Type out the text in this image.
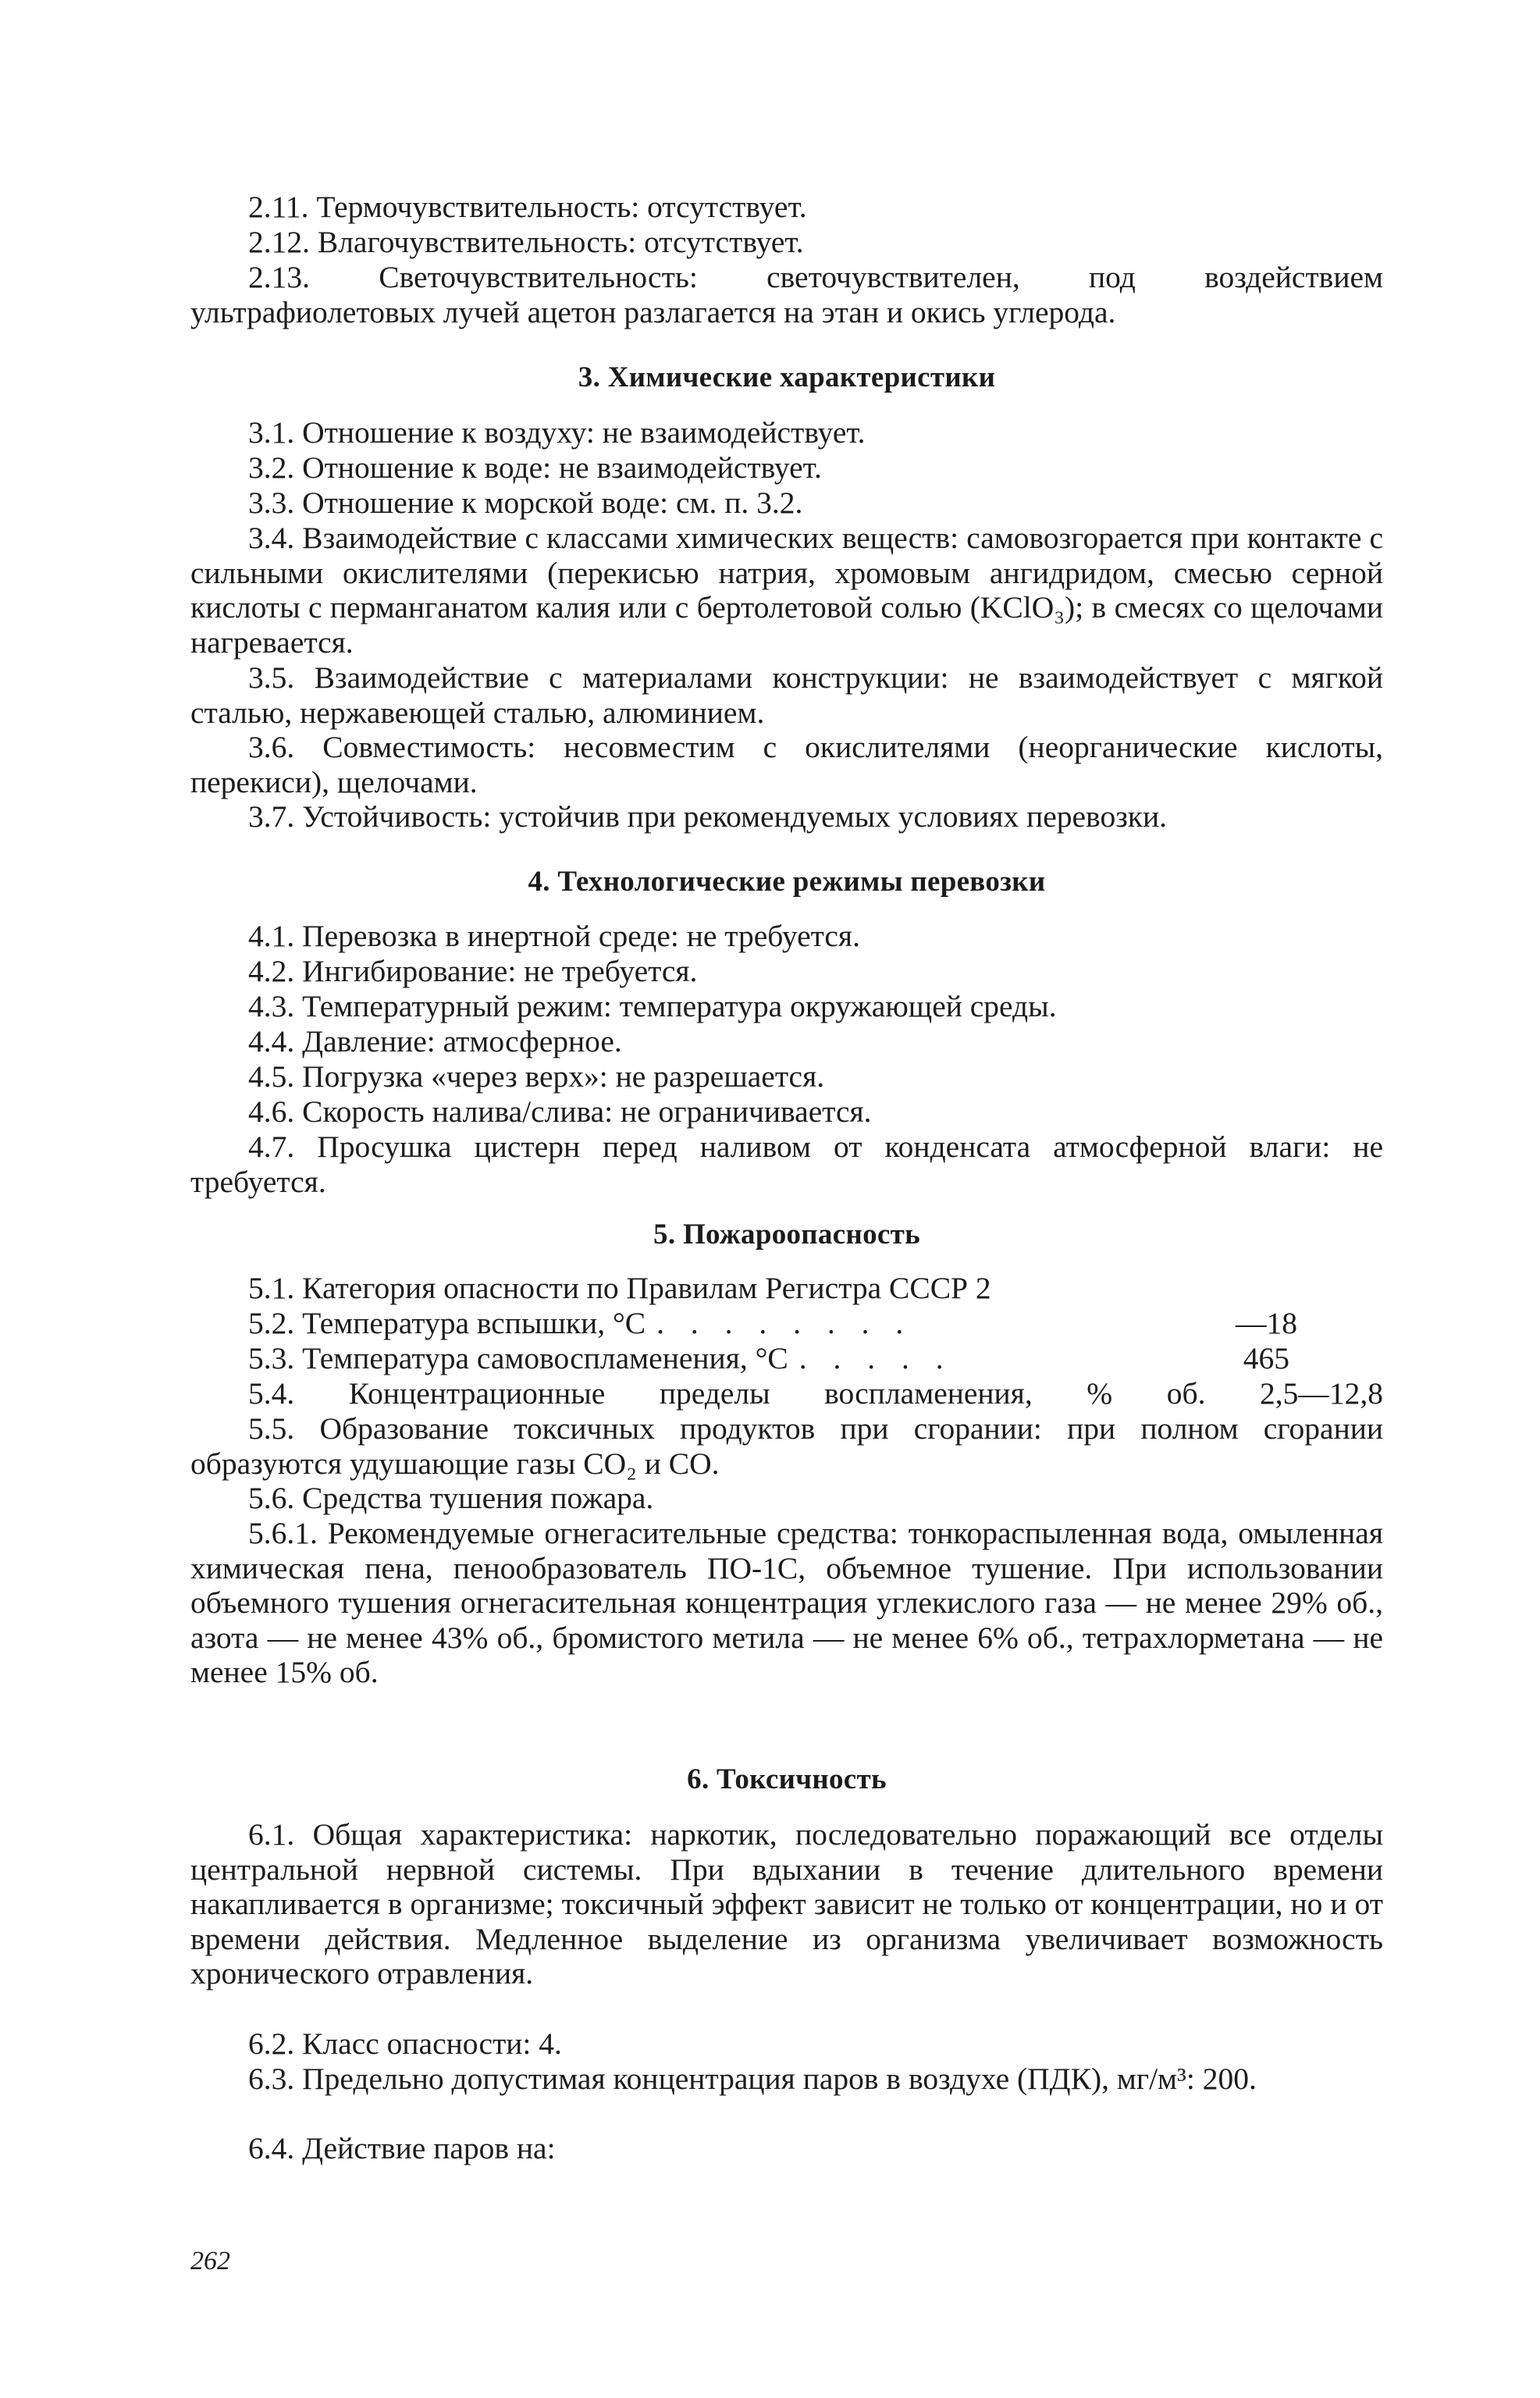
2.11. Термочувствительность: отсутствует.

2.12. Влагочувствительность: отсутствует.

2.13. Светочувствительность: светочувствителен, под воздействием ультрафиолетовых лучей ацетон разлагается на этан и окись углерода.

3. Химические характеристики

3.1. Отношение к воздуху: не взаимодействует.

3.2. Отношение к воде: не взаимодействует.

3.3. Отношение к морской воде: см. п. 3.2.

3.4. Взаимодействие с классами химических веществ: самовозгорается при контакте с сильными окислителями (перекисью натрия, хромовым ангидридом, смесью серной кислоты с перманганатом калия или с бертолетовой солью (KClO₃); в смесях со щелочами нагревается.

3.5. Взаимодействие с материалами конструкции: не взаимодействует с мягкой сталью, нержавеющей сталью, алюминием.

3.6. Совместимость: несовместим с окислителями (неорганические кислоты, перекиси), щелочами.

3.7. Устойчивость: устойчив при рекомендуемых условиях перевозки.

4. Технологические режимы перевозки

4.1. Перевозка в инертной среде: не требуется.

4.2. Ингибирование: не требуется.

4.3. Температурный режим: температура окружающей среды.

4.4. Давление: атмосферное.

4.5. Погрузка «через верх»: не разрешается.

4.6. Скорость налива/слива: не ограничивается.

4.7. Просушка цистерн перед наливом от конденсата атмосферной влаги: не требуется.

5. Пожароопасность

5.1. Категория опасности по Правилам Регистра СССР 2

5.2. Температура вспышки, °С . . . . . . . .	—18
5.3. Температура самовоспламенения, °С . . . . .	465

5.4. Концентрационные пределы воспламенения, % об. 2,5—12,8

5.5. Образование токсичных продуктов при сгорании: при полном сгорании образуются удушающие газы CO₂ и CO.

5.6. Средства тушения пожара.

5.6.1. Рекомендуемые огнегасительные средства: тонкораспыленная вода, омыленная химическая пена, пенообразователь ПО-1С, объемное тушение. При использовании объемного тушения огнегасительная концентрация углекислого газа — не менее 29% об., азота — не менее 43% об., бромистого метила — не менее 6% об., тетрахлорметана — не менее 15% об.

6. Токсичность

6.1. Общая характеристика: наркотик, последовательно поражающий все отделы центральной нервной системы. При вдыхании в течение длительного времени накапливается в организме; токсичный эффект зависит не только от концентрации, но и от времени действия. Медленное выделение из организма увеличивает возможность хронического отравления.

6.2. Класс опасности: 4.

6.3. Предельно допустимая концентрация паров в воздухе (ПДК), мг/м³: 200.

6.4. Действие паров на:

262
